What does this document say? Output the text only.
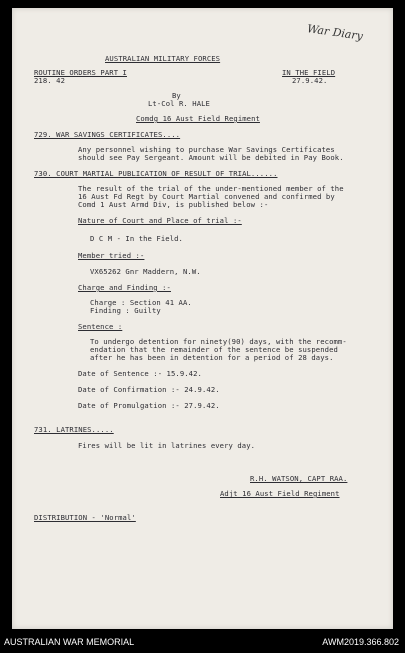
War Diary
AUSTRALIAN MILITARY FORCES
ROUTINE ORDERS PART I
218. 42
IN THE FIELD
27.9.42.
By
Lt-Col R. HALE
Comdg 16 Aust Field Regiment
729. WAR SAVINGS CERTIFICATES....
Any personnel wishing to purchase War Savings Certificates
should see Pay Sergeant. Amount will be debited in Pay Book.
730. COURT MARTIAL PUBLICATION OF RESULT OF TRIAL......
The result of the trial of the under-mentioned member of the
16 Aust Fd Regt by Court Martial convened and confirmed by
Comd 1 Aust Armd Div, is published below :-
Nature of Court and Place of trial :-
D C M - In the Field.
Member tried :-
VX65262 Gnr Maddern, N.W.
Charge and Finding :-
Charge : Section 41 AA.
Finding : Guilty
Sentence :
To undergo detention for ninety(90) days, with the recomm-
endation that the remainder of the sentence be suspended
after he has been in detention for a period of 28 days.
Date of Sentence :- 15.9.42.
Date of Confirmation :- 24.9.42.
Date of Promulgation :- 27.9.42.
731. LATRINES.....
Fires will be lit in latrines every day.
R.H. WATSON, CAPT RAA.
Adjt 16 Aust Field Regiment
DISTRIBUTION - 'Normal'
AUSTRALIAN WAR MEMORIAL	AWM2019.366.802
